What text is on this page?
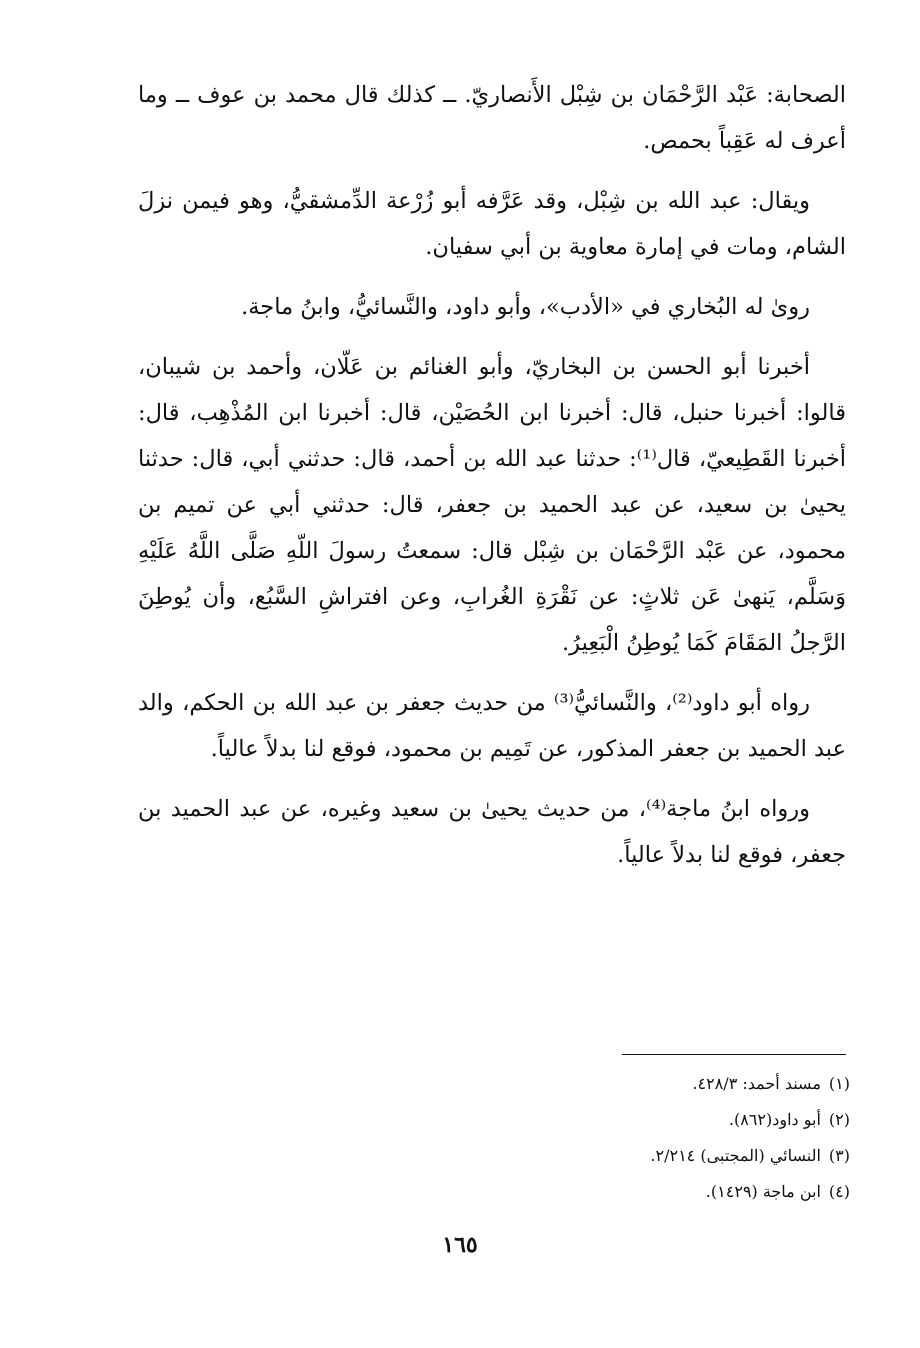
الصحابة: عَبْد الرَّحْمَان بن شِبْل الأَنصاريّ. ــ كذلك قال محمد بن عوف ــ وما أعرف له عَقِباً بحمص.

ويقال: عبد الله بن شِبْل، وقد عَرَّفه أبو زُرْعة الدِّمشقيُّ، وهو فيمن نزلَ الشام، ومات في إمارة معاوية بن أبي سفيان.

روىٰ له البُخاري في «الأدب»، وأبو داود، والنَّسائيُّ، وابنُ ماجة.

أخبرنا أبو الحسن بن البخاريّ، وأبو الغنائم بن عَلّان، وأحمد بن شيبان، قالوا: أخبرنا حنبل، قال: أخبرنا ابن الحُصَيْن، قال: أخبرنا ابن المُذْهِب، قال: أخبرنا القَطِيعيّ، قال⁽¹⁾: حدثنا عبد الله بن أحمد، قال: حدثني أبي، قال: حدثنا يحيىٰ بن سعيد، عن عبد الحميد بن جعفر، قال: حدثني أبي عن تميم بن محمود، عن عَبْد الرَّحْمَان بن شِبْل قال: سمعتُ رسولَ اللّهِ صَلَّى اللَّهُ عَلَيْهِ وَسَلَّم، يَنهىٰ عَن ثلاثٍ: عن نَقْرَةِ الغُرابِ، وعن افتراشِ السَّبُع، وأن يُوطِنَ الرَّجلُ المَقَامَ كَمَا يُوطِنُ الْبَعِيرُ.

رواه أبو داود⁽²⁾، والنَّسائيُّ⁽³⁾ من حديث جعفر بن عبد الله بن الحكم، والد عبد الحميد بن جعفر المذكور، عن تَمِيم بن محمود، فوقع لنا بدلاً عالياً.

ورواه ابنُ ماجة⁽⁴⁾، من حديث يحيىٰ بن سعيد وغيره، عن عبد الحميد بن جعفر، فوقع لنا بدلاً عالياً.

(١)مسند أحمد: ٤٢٨/٣.
(٢)أبو داود(٨٦٢).
(٣)النسائي (المجتبى) ٢/٢١٤.
(٤)ابن ماجة (١٤٢٩).
١٦٥
